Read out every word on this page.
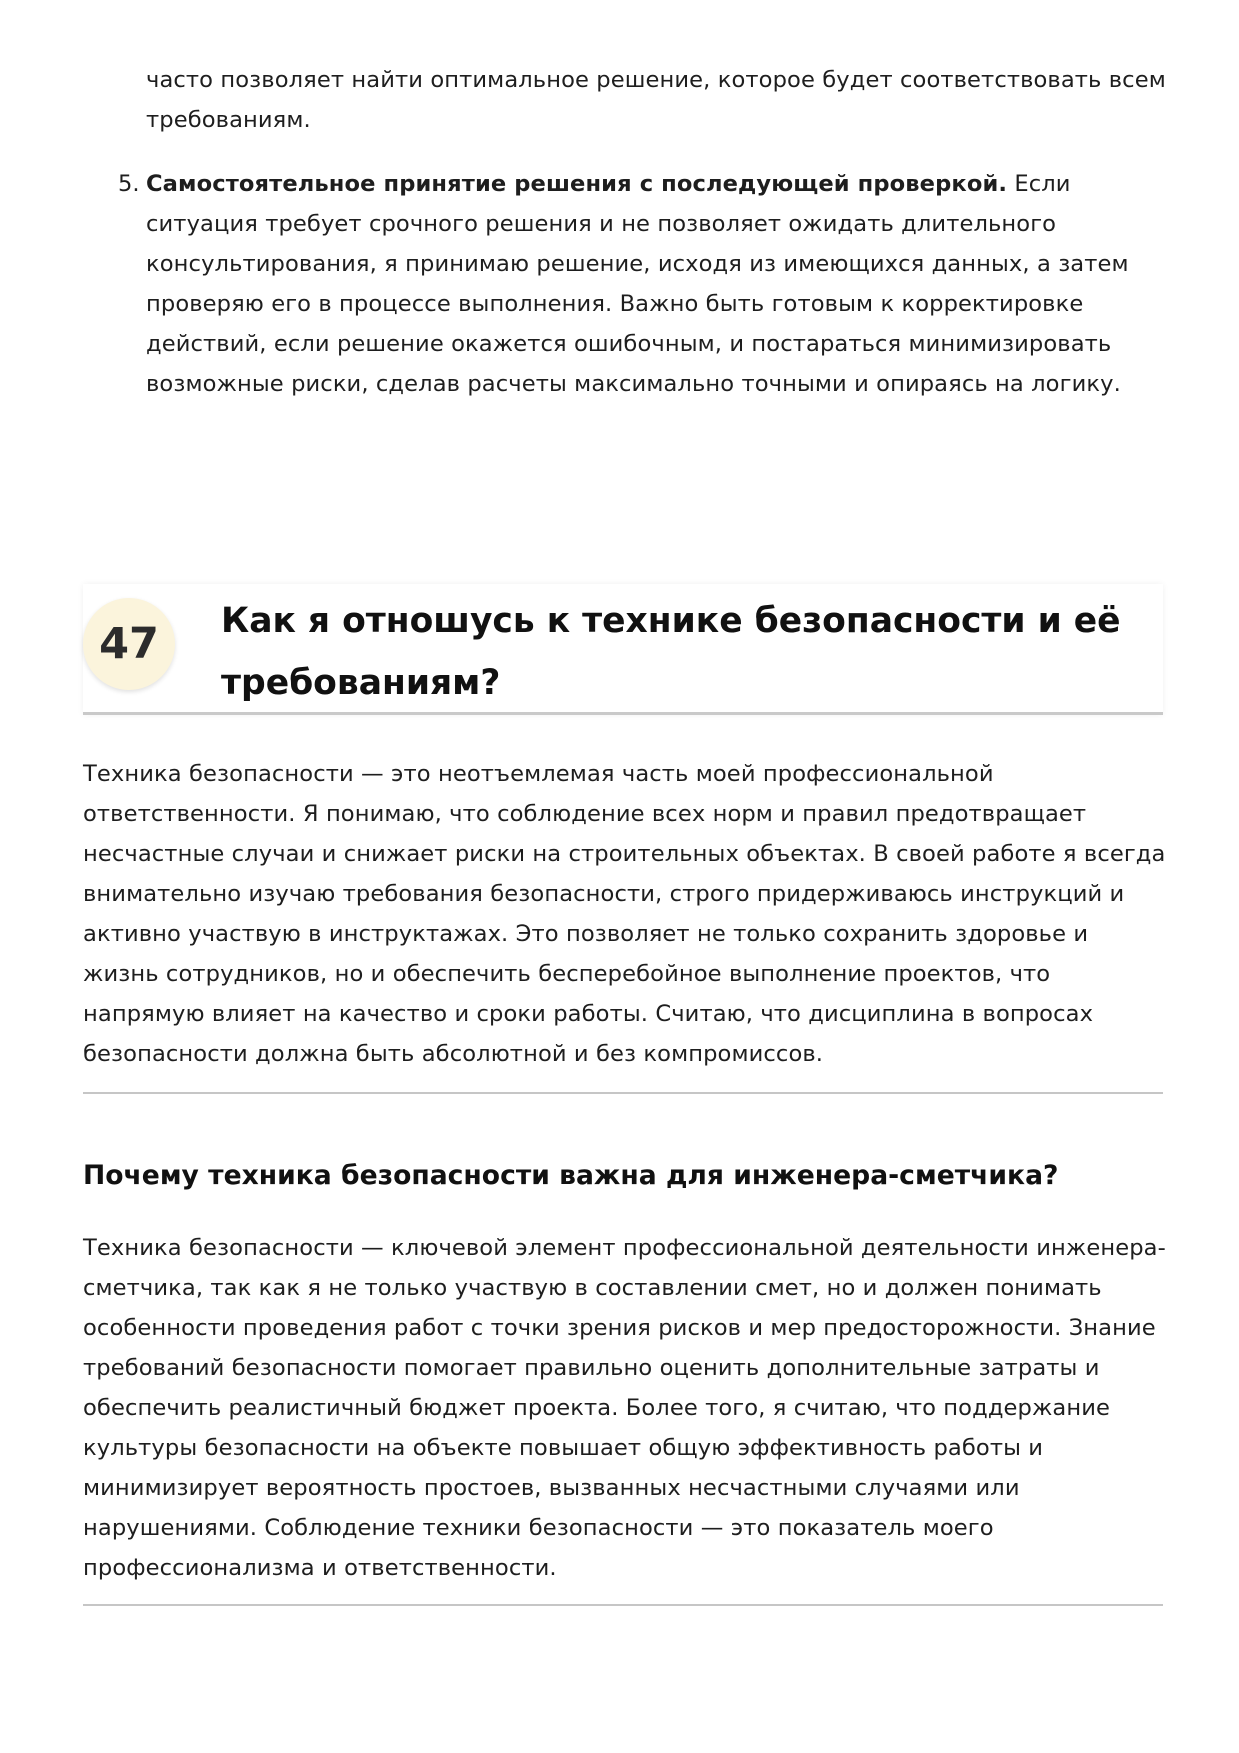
часто позволяет найти оптимальное решение, которое будет соответствовать всем требованиям.

5. Самостоятельное принятие решения с последующей проверкой. Если ситуация требует срочного решения и не позволяет ожидать длительного консультирования, я принимаю решение, исходя из имеющихся данных, а затем проверяю его в процессе выполнения. Важно быть готовым к корректировке действий, если решение окажется ошибочным, и постараться минимизировать возможные риски, сделав расчеты максимально точными и опираясь на логику.

47	Как я отношусь к технике безопасности и её требованиям?

Техника безопасности — это неотъемлемая часть моей профессиональной ответственности. Я понимаю, что соблюдение всех норм и правил предотвращает несчастные случаи и снижает риски на строительных объектах. В своей работе я всегда внимательно изучаю требования безопасности, строго придерживаюсь инструкций и активно участвую в инструктажах. Это позволяет не только сохранить здоровье и жизнь сотрудников, но и обеспечить бесперебойное выполнение проектов, что напрямую влияет на качество и сроки работы. Считаю, что дисциплина в вопросах безопасности должна быть абсолютной и без компромиссов.

Почему техника безопасности важна для инженера-сметчика?

Техника безопасности — ключевой элемент профессиональной деятельности инженера-сметчика, так как я не только участвую в составлении смет, но и должен понимать особенности проведения работ с точки зрения рисков и мер предосторожности. Знание требований безопасности помогает правильно оценить дополнительные затраты и обеспечить реалистичный бюджет проекта. Более того, я считаю, что поддержание культуры безопасности на объекте повышает общую эффективность работы и минимизирует вероятность простоев, вызванных несчастными случаями или нарушениями. Соблюдение техники безопасности — это показатель моего профессионализма и ответственности.
